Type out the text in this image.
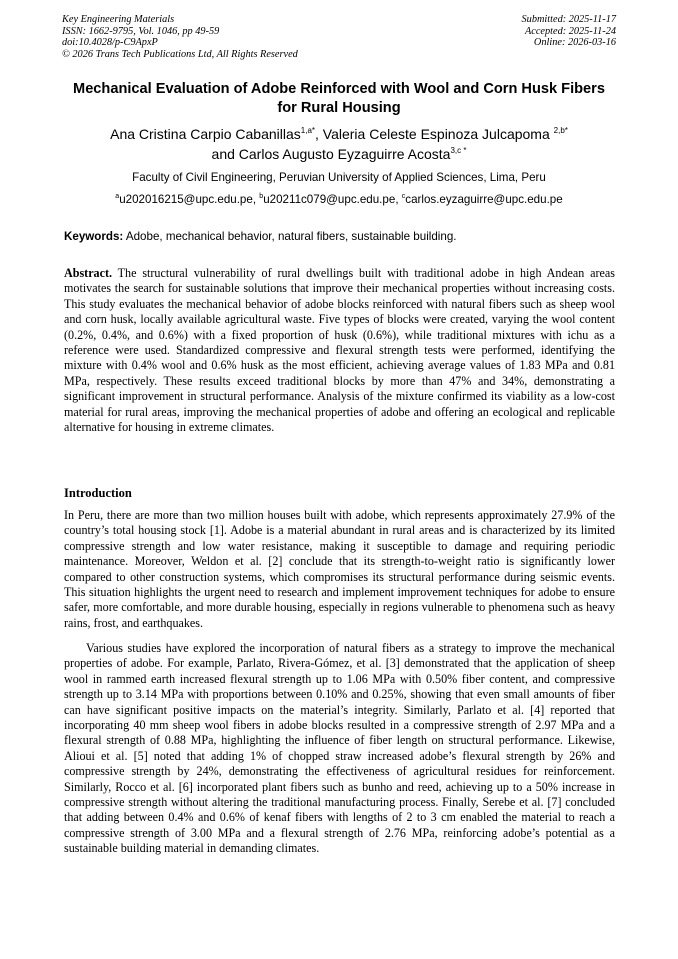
Key Engineering Materials
ISSN: 1662-9795, Vol. 1046, pp 49-59
doi:10.4028/p-C9ApxP
© 2026 Trans Tech Publications Ltd, All Rights Reserved
Submitted: 2025-11-17
Accepted: 2025-11-24
Online: 2026-03-16
Mechanical Evaluation of Adobe Reinforced with Wool and Corn Husk Fibers for Rural Housing
Ana Cristina Carpio Cabanillas$^{1,a*}$, Valeria Celeste Espinoza Julcapoma $^{2,b*}$
and Carlos Augusto Eyzaguirre Acosta$^{3,c *}$
Faculty of Civil Engineering, Peruvian University of Applied Sciences, Lima, Peru
$^a$u202016215@upc.edu.pe, $^b$u20211c079@upc.edu.pe, $^c$carlos.eyzaguirre@upc.edu.pe
Keywords: Adobe, mechanical behavior, natural fibers, sustainable building.

Abstract. The structural vulnerability of rural dwellings built with traditional adobe in high Andean areas motivates the search for sustainable solutions that improve their mechanical properties without increasing costs. This study evaluates the mechanical behavior of adobe blocks reinforced with natural fibers such as sheep wool and corn husk, locally available agricultural waste. Five types of blocks were created, varying the wool content (0.2%, 0.4%, and 0.6%) with a fixed proportion of husk (0.6%), while traditional mixtures with ichu as a reference were used. Standardized compressive and flexural strength tests were performed, identifying the mixture with 0.4% wool and 0.6% husk as the most efficient, achieving average values of 1.83 MPa and 0.81 MPa, respectively. These results exceed traditional blocks by more than 47% and 34%, demonstrating a significant improvement in structural performance. Analysis of the mixture confirmed its viability as a low-cost material for rural areas, improving the mechanical properties of adobe and offering an ecological and replicable alternative for housing in extreme climates.

Introduction

In Peru, there are more than two million houses built with adobe, which represents approximately 27.9% of the country’s total housing stock [1]. Adobe is a material abundant in rural areas and is characterized by its limited compressive strength and low water resistance, making it susceptible to damage and requiring periodic maintenance. Moreover, Weldon et al. [2] conclude that its strength-to-weight ratio is significantly lower compared to other construction systems, which compromises its structural performance during seismic events. This situation highlights the urgent need to research and implement improvement techniques for adobe to ensure safer, more comfortable, and more durable housing, especially in regions vulnerable to phenomena such as heavy rains, frost, and earthquakes.

Various studies have explored the incorporation of natural fibers as a strategy to improve the mechanical properties of adobe. For example, Parlato, Rivera-Gómez, et al. [3] demonstrated that the application of sheep wool in rammed earth increased flexural strength up to 1.06 MPa with 0.50% fiber content, and compressive strength up to 3.14 MPa with proportions between 0.10% and 0.25%, showing that even small amounts of fiber can have significant positive impacts on the material’s integrity. Similarly, Parlato et al. [4] reported that incorporating 40 mm sheep wool fibers in adobe blocks resulted in a compressive strength of 2.97 MPa and a flexural strength of 0.88 MPa, highlighting the influence of fiber length on structural performance. Likewise, Alioui et al. [5] noted that adding 1% of chopped straw increased adobe’s flexural strength by 26% and compressive strength by 24%, demonstrating the effectiveness of agricultural residues for reinforcement. Similarly, Rocco et al. [6] incorporated plant fibers such as bunho and reed, achieving up to a 50% increase in compressive strength without altering the traditional manufacturing process. Finally, Serebe et al. [7] concluded that adding between 0.4% and 0.6% of kenaf fibers with lengths of 2 to 3 cm enabled the material to reach a compressive strength of 3.00 MPa and a flexural strength of 2.76 MPa, reinforcing adobe’s potential as a sustainable building material in demanding climates.
